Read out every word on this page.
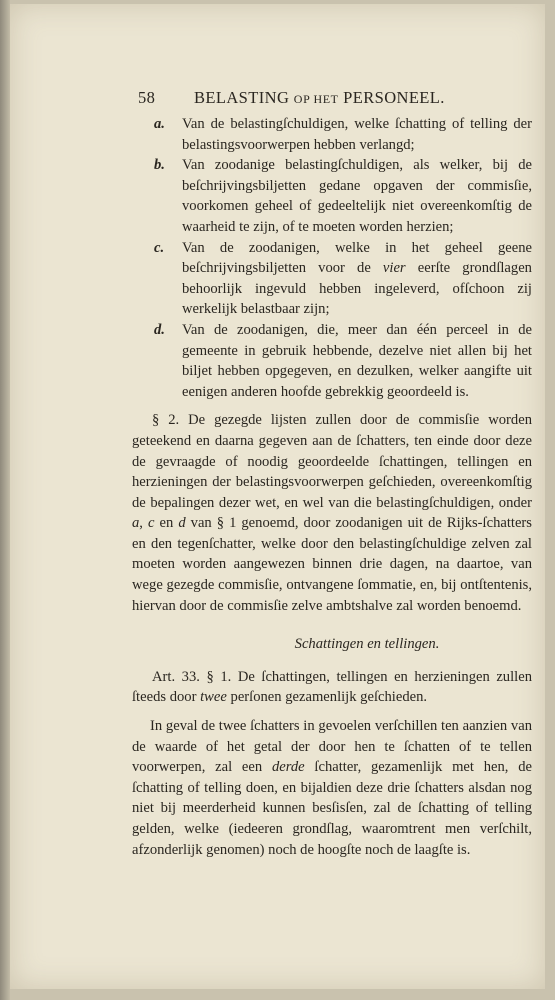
58 BELASTING OP HET PERSONEEL.
a. Van de belastingſchuldigen, welke ſchatting of telling der belastingsvoorwerpen hebben verlangd;
b. Van zoodanige belastingſchuldigen, als welker, bij de beſchrijvingsbiljetten gedane opgaven der commisſie, voorkomen geheel of gedeeltelijk niet overeenkomſtig de waarheid te zijn, of te moeten worden herzien;
c. Van de zoodanigen, welke in het geheel geene beſchrijvingsbiljetten voor de vier eerſte grondſlagen behoorlijk ingevuld hebben ingeleverd, ofſchoon zij werkelijk belastbaar zijn;
d. Van de zoodanigen, die, meer dan één perceel in de gemeente in gebruik hebbende, dezelve niet allen bij het biljet hebben opgegeven, en dezulken, welker aangifte uit eenigen anderen hoofde gebrekkig geoordeeld is.
§ 2. De gezegde lijsten zullen door de commisſie worden geteekend en daarna gegeven aan de ſchatters, ten einde door deze de gevraagde of noodig geoordeelde ſchattingen, tellingen en herzieningen der belastingsvoorwerpen geſchieden, overeenkomſtig de bepalingen dezer wet, en wel van die belastingſchuldigen, onder a, c en d van § 1 genoemd, door zoodanigen uit de Rijks-ſchatters en den tegenſchatter, welke door den belastingſchuldige zelven zal moeten worden aangewezen binnen drie dagen, na daartoe, van wege gezegde commisſie, ontvangene ſommatie, en, bij ontſtentenis, hiervan door de commisſie zelve ambtshalve zal worden benoemd.
Schattingen en tellingen.
Art. 33. § 1. De ſchattingen, tellingen en herzieningen zullen ſteeds door twee perſonen gezamenlijk geſchieden.
In geval de twee ſchatters in gevoelen verſchillen ten aanzien van de waarde of het getal der door hen te ſchatten of te tellen voorwerpen, zal een derde ſchatter, gezamenlijk met hen, de ſchatting of telling doen, en bijaldien deze drie ſchatters alsdan nog niet bij meerderheid kunnen besſisſen, zal de ſchatting of telling gelden, welke (iedeeren grondſlag, waaromtrent men verſchilt, afzonderlijk genomen) noch de hoogſte noch de laagſte is.
